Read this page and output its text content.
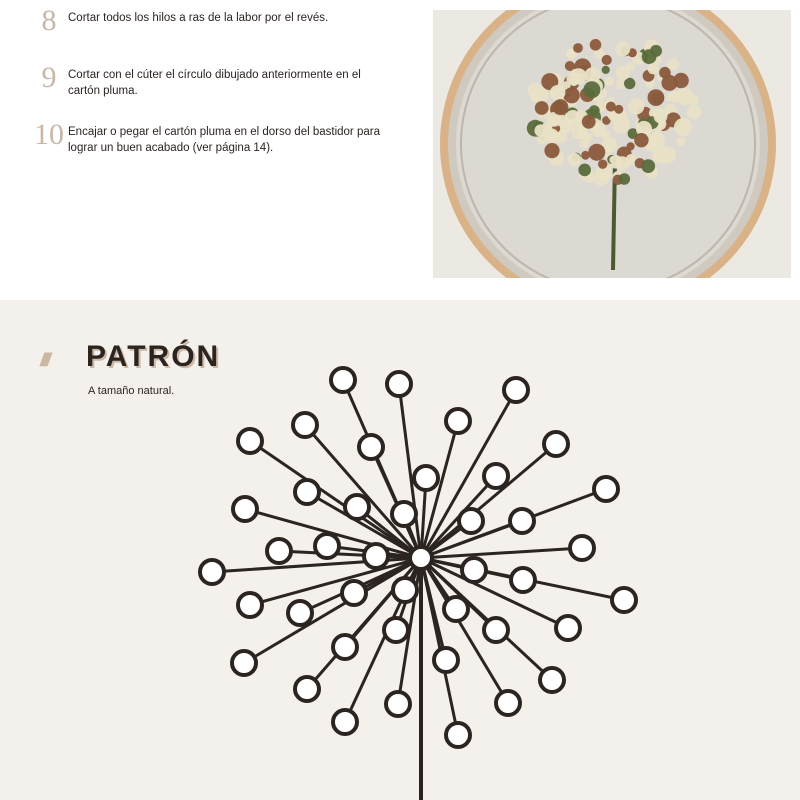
8	Cortar todos los hilos a ras de la labor por el revés.
9	Cortar con el cúter el círculo dibujado anteriormente en el cartón pluma.
10 Encajar o pegar el cartón pluma en el dorso del bastidor para lograr un buen acabado (ver página 14).
//// PATRÓN
A tamaño natural.
